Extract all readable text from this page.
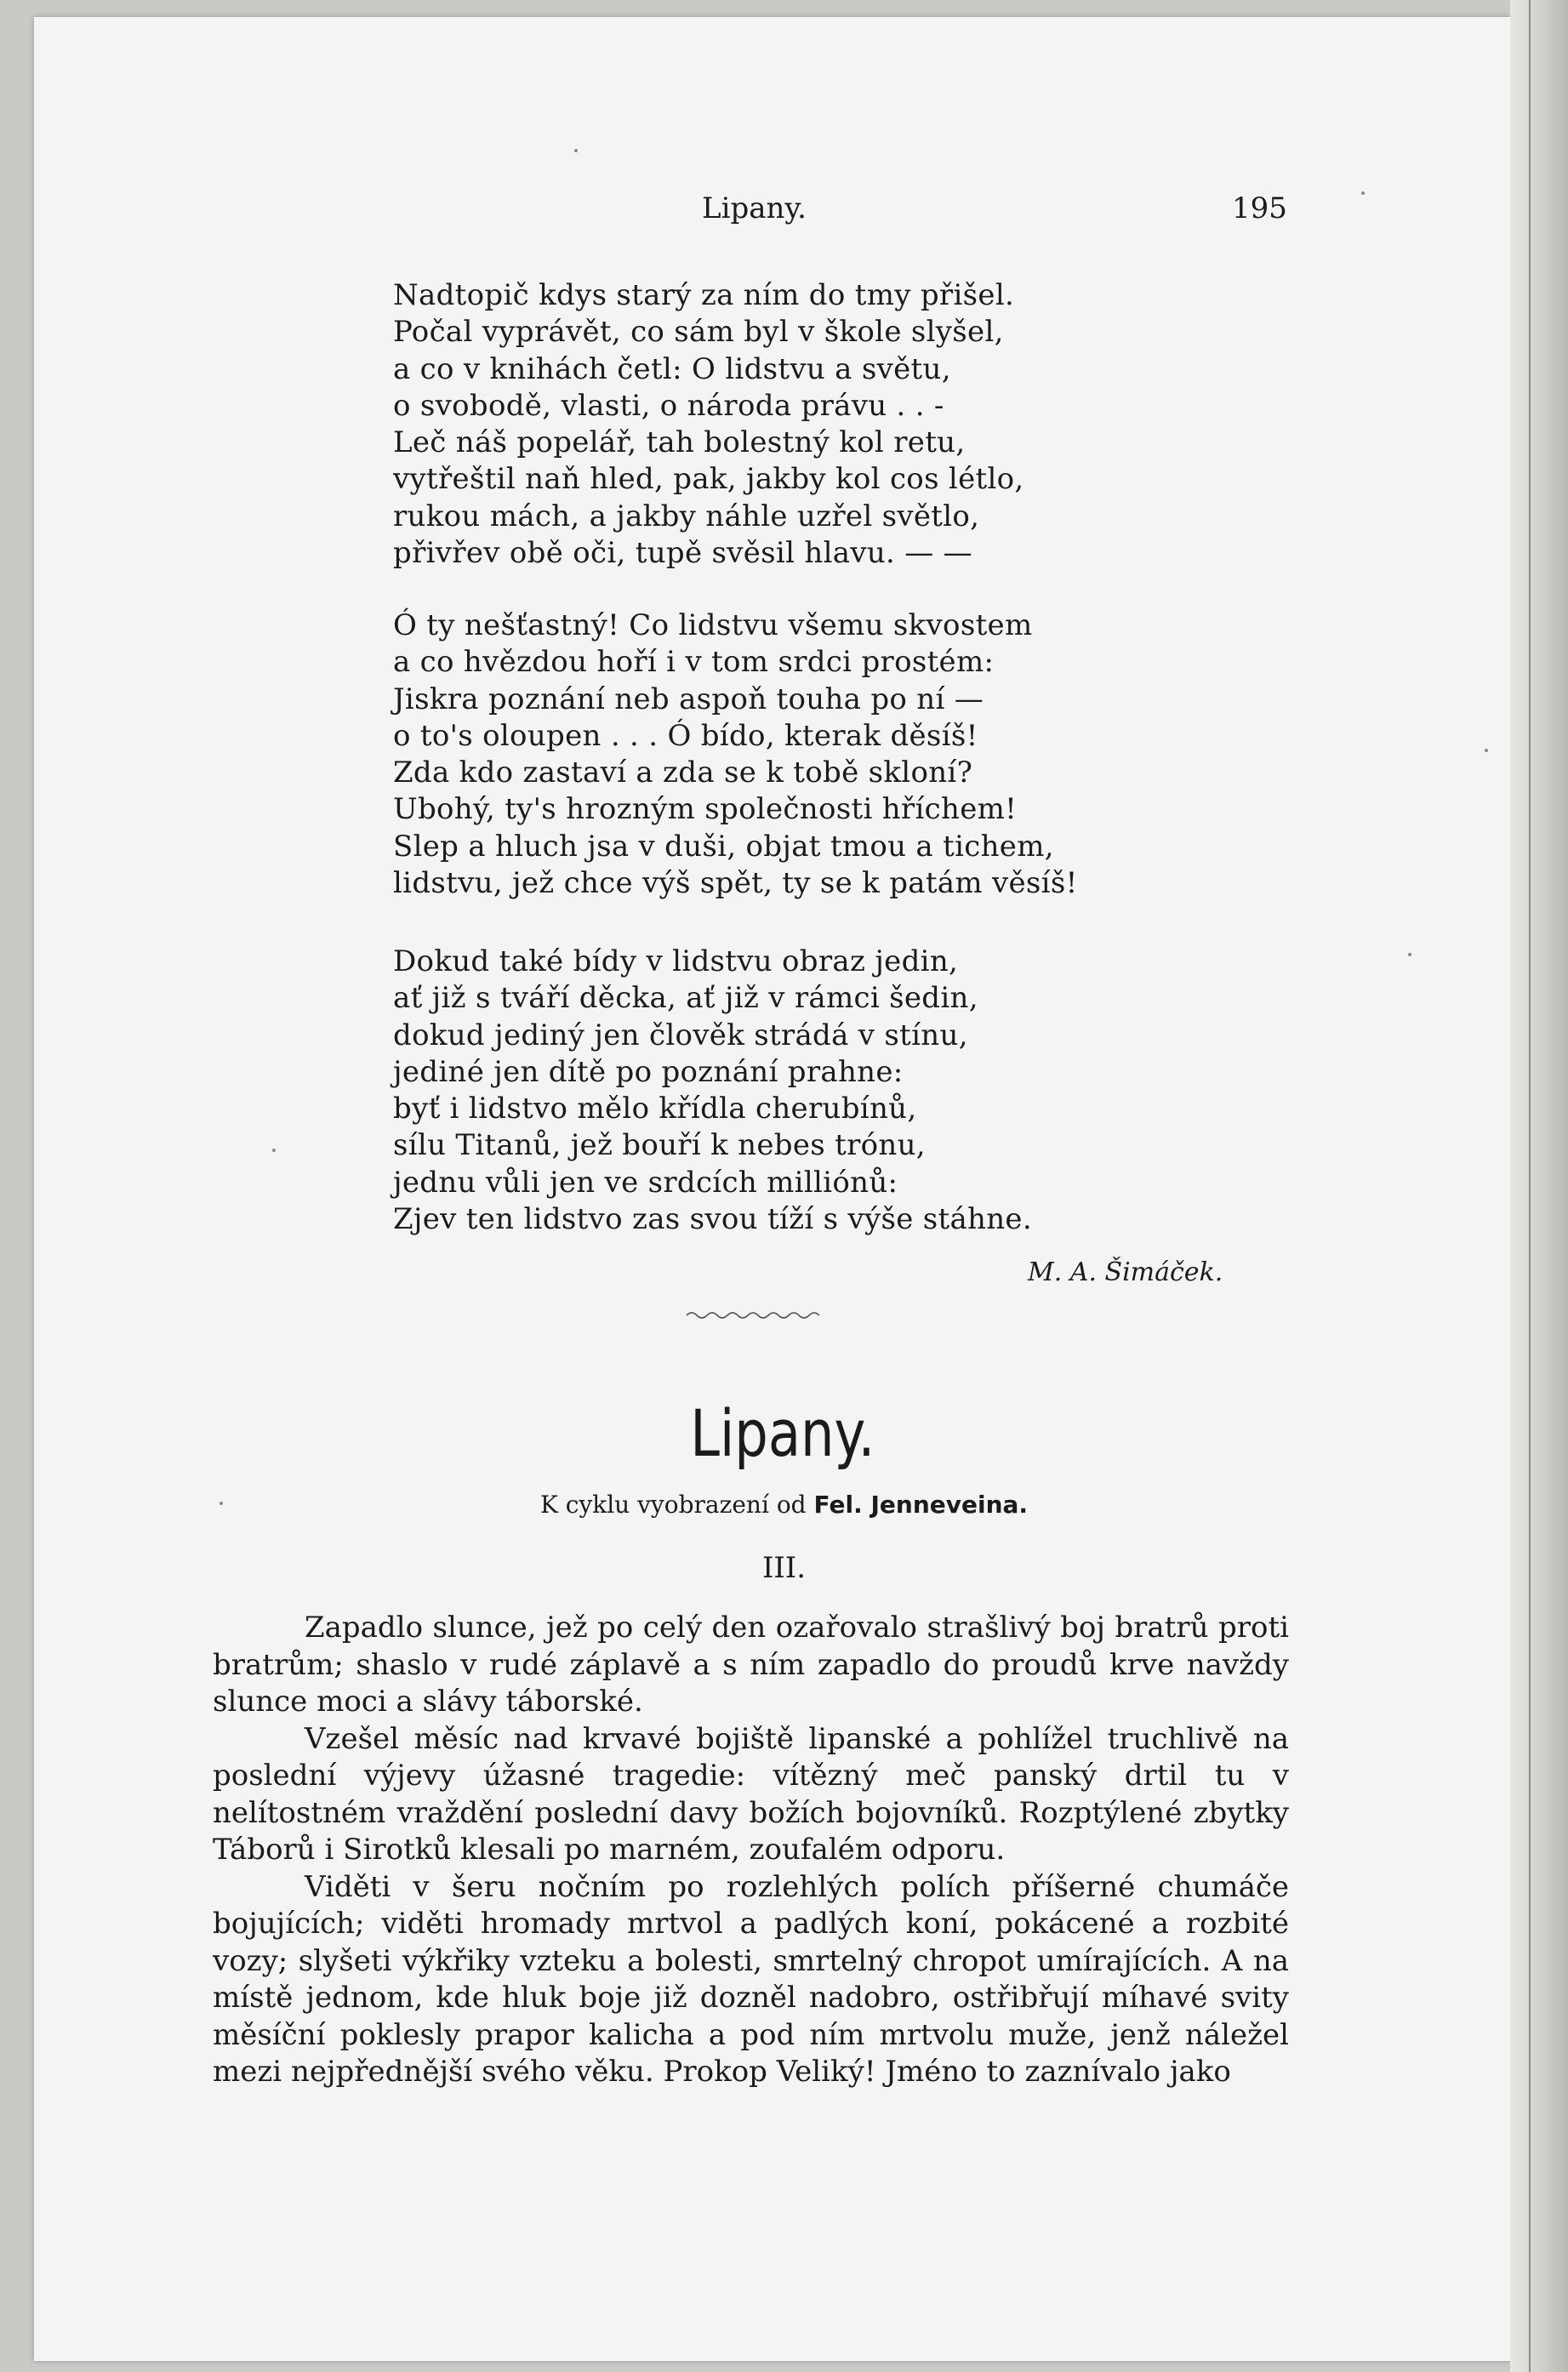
Lipany.	195
Nadtopič kdys starý za ním do tmy přišel.
Počal vyprávět, co sám byl v škole slyšel,
a co v knihách četl: O lidstvu a světu,
o svobodě, vlasti, o národa právu . . -
Leč náš popelář, tah bolestný kol retu,
vytřeštil naň hled, pak, jakby kol cos létlo,
rukou mách, a jakby náhle uzřel světlo,
přivřev obě oči, tupě svěsil hlavu. — —
Ó ty nešťastný! Co lidstvu všemu skvostem
a co hvězdou hoří i v tom srdci prostém:
Jiskra poznání neb aspoň touha po ní —
o to's oloupen . . . Ó bído, kterak děsíš!
Zda kdo zastaví a zda se k tobě skloní?
Ubohý, ty's hrozným společnosti hříchem!
Slep a hluch jsa v duši, objat tmou a tichem,
lidstvu, jež chce výš spět, ty se k patám věsíš!
Dokud také bídy v lidstvu obraz jedin,
ať již s tváří děcka, ať již v rámci šedin,
dokud jediný jen člověk strádá v stínu,
jediné jen dítě po poznání prahne:
byť i lidstvo mělo křídla cherubínů,
sílu Titanů, jež bouří k nebes trónu,
jednu vůli jen ve srdcích milliónů:
Zjev ten lidstvo zas svou tíží s výše stáhne.
M. A. Šimáček.
Lipany.
K cyklu vyobrazení od Fel. Jenneveina.
III.

Zapadlo slunce, jež po celý den ozařovalo strašlivý boj bratrů proti bratrům; shaslo v rudé záplavě a s ním zapadlo do proudů krve navždy slunce moci a slávy táborské.

Vzešel měsíc nad krvavé bojiště lipanské a pohlížel truchlivě na poslední výjevy úžasné tragedie: vítězný meč panský drtil tu v nelítostném vraždění poslední davy božích bojovníků. Rozptýlené zbytky Táborů i Sirotků klesali po marném, zoufalém odporu.

Viděti v šeru nočním po rozlehlých polích příšerné chumáče bojujících; viděti hromady mrtvol a padlých koní, pokácené a rozbité vozy; slyšeti výkřiky vzteku a bolesti, smrtelný chropot umírajících. A na místě jednom, kde hluk boje již dozněl nadobro, ostřibřují míhavé svity měsíční poklesly prapor kalicha a pod ním mrtvolu muže, jenž náležel mezi nejpřednější svého věku. Prokop Veliký! Jméno to zaznívalo jako
